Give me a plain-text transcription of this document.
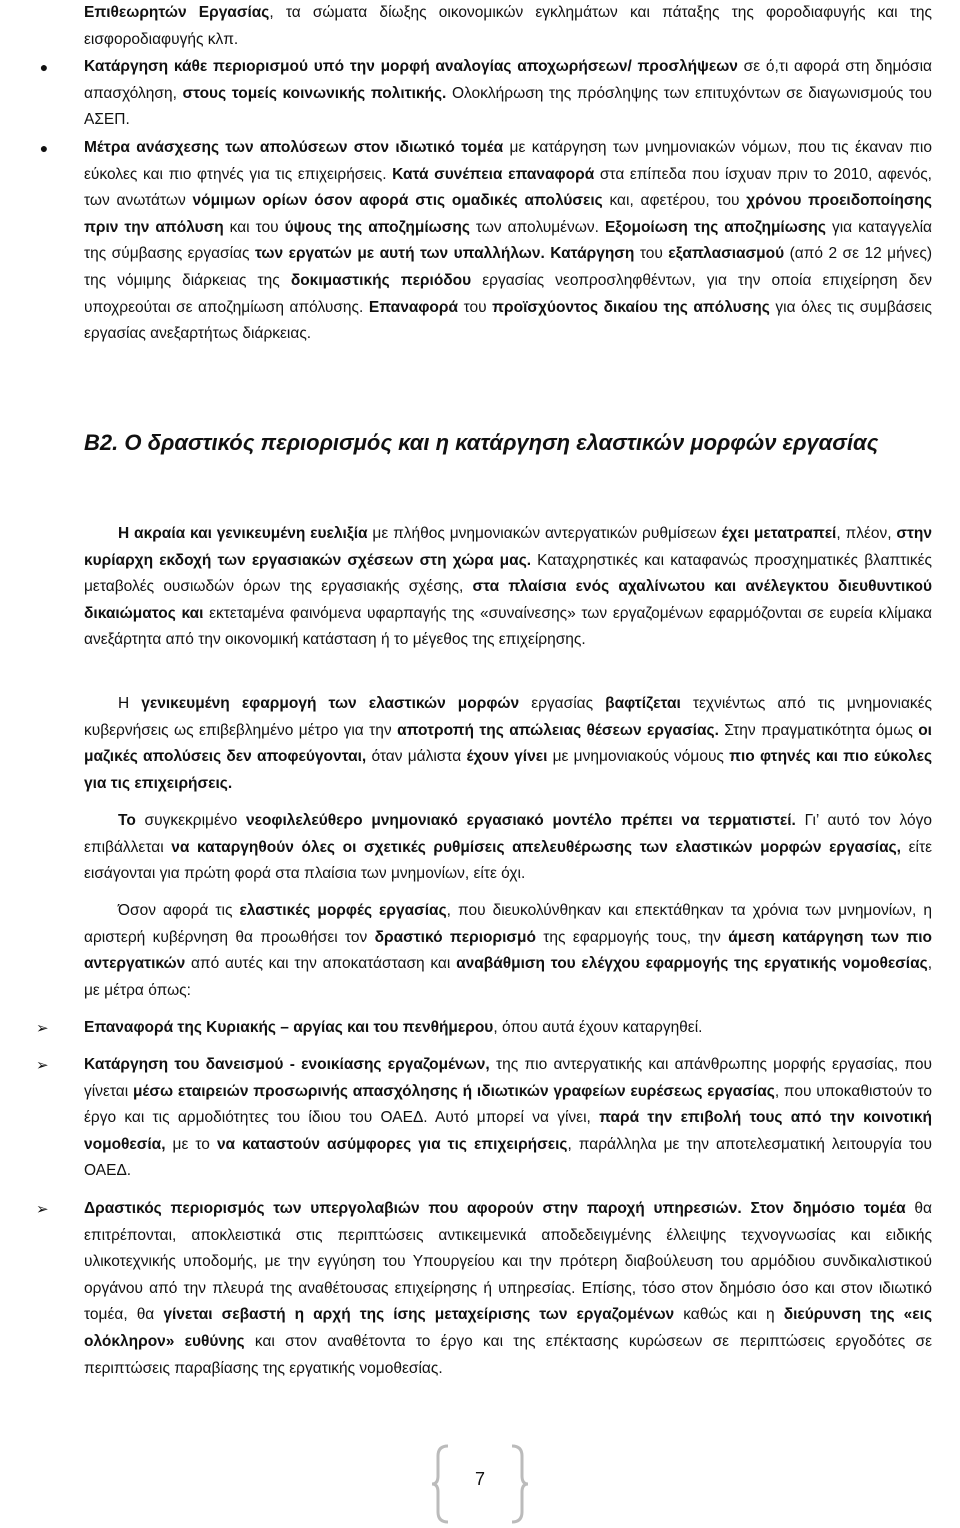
Επιθεωρητών Εργασίας, τα σώματα δίωξης οικονομικών εγκλημάτων και πάταξης της φοροδιαφυγής και της εισφοροδιαφυγής κλπ.
●	Κατάργηση κάθε περιορισμού υπό την μορφή αναλογίας αποχωρήσεων/ προσλήψεων σε ό,τι αφορά στη δημόσια απασχόληση, στους τομείς κοινωνικής πολιτικής. Ολοκλήρωση της πρόσληψης των επιτυχόντων σε διαγωνισμούς του ΑΣΕΠ.
●	Μέτρα ανάσχεσης των απολύσεων στον ιδιωτικό τομέα με κατάργηση των μνημονιακών νόμων, που τις έκαναν πιο εύκολες και πιο φτηνές για τις επιχειρήσεις. Κατά συνέπεια επαναφορά στα επίπεδα που ίσχυαν πριν το 2010, αφενός, των ανωτάτων νόμιμων ορίων όσον αφορά στις ομαδικές απολύσεις και, αφετέρου, του χρόνου προειδοποίησης πριν την απόλυση και του ύψους της αποζημίωσης των απολυμένων. Εξομοίωση της αποζημίωσης για καταγγελία της σύμβασης εργασίας των εργατών με αυτή των υπαλλήλων. Κατάργηση του εξαπλασιασμού (από 2 σε 12 μήνες) της νόμιμης διάρκειας της δοκιμαστικής περιόδου εργασίας νεοπροσληφθέντων, για την οποία επιχείρηση δεν υποχρεούται σε αποζημίωση απόλυσης. Επαναφορά του προϊσχύοντος δικαίου της απόλυσης για όλες τις συμβάσεις εργασίας ανεξαρτήτως διάρκειας.
Β2. Ο δραστικός περιορισμός και η κατάργηση ελαστικών μορφών εργασίας

Η ακραία και γενικευμένη ευελιξία με πλήθος μνημονιακών αντεργατικών ρυθμίσεων έχει μετατραπεί, πλέον, στην κυρίαρχη εκδοχή των εργασιακών σχέσεων στη χώρα μας. Καταχρηστικές και καταφανώς προσχηματικές βλαπτικές μεταβολές ουσιωδών όρων της εργασιακής σχέσης, στα πλαίσια ενός αχαλίνωτου και ανέλεγκτου διευθυντικού δικαιώματος και εκτεταμένα φαινόμενα υφαρπαγής της «συναίνεσης» των εργαζομένων εφαρμόζονται σε ευρεία κλίμακα ανεξάρτητα από την οικονομική κατάσταση ή το μέγεθος της επιχείρησης.

Η γενικευμένη εφαρμογή των ελαστικών μορφών εργασίας βαφτίζεται τεχνιέντως από τις μνημονιακές κυβερνήσεις ως επιβεβλημένο μέτρο για την αποτροπή της απώλειας θέσεων εργασίας. Στην πραγματικότητα όμως οι μαζικές απολύσεις δεν αποφεύγονται, όταν μάλιστα έχουν γίνει με μνημονιακούς νόμους πιο φτηνές και πιο εύκολες για τις επιχειρήσεις.

Το συγκεκριμένο νεοφιλελεύθερο μνημονιακό εργασιακό μοντέλο πρέπει να τερματιστεί. Γι’ αυτό τον λόγο επιβάλλεται να καταργηθούν όλες οι σχετικές ρυθμίσεις απελευθέρωσης των ελαστικών μορφών εργασίας, είτε εισάγονται για πρώτη φορά στα πλαίσια των μνημονίων, είτε όχι.

Όσον αφορά τις ελαστικές μορφές εργασίας, που διευκολύνθηκαν και επεκτάθηκαν τα χρόνια των μνημονίων, η αριστερή κυβέρνηση θα προωθήσει τον δραστικό περιορισμό της εφαρμογής τους, την άμεση κατάργηση των πιο αντεργατικών από αυτές και την αποκατάσταση και αναβάθμιση του ελέγχου εφαρμογής της εργατικής νομοθεσίας, με μέτρα όπως:

➢ Επαναφορά της Κυριακής – αργίας και του πενθήμερου, όπου αυτά έχουν καταργηθεί.
➢ Κατάργηση του δανεισμού - ενοικίασης εργαζομένων, της πιο αντεργατικής και απάνθρωπης μορφής εργασίας, που γίνεται μέσω εταιρειών προσωρινής απασχόλησης ή ιδιωτικών γραφείων ευρέσεως εργασίας, που υποκαθιστούν το έργο και τις αρμοδιότητες του ίδιου του ΟΑΕΔ. Αυτό μπορεί να γίνει, παρά την επιβολή τους από την κοινοτική νομοθεσία, με το να καταστούν ασύμφορες για τις επιχειρήσεις, παράλληλα με την αποτελεσματική λειτουργία του ΟΑΕΔ.
➢ Δραστικός περιορισμός των υπεργολαβιών που αφορούν στην παροχή υπηρεσιών. Στον δημόσιο τομέα θα επιτρέπονται, αποκλειστικά στις περιπτώσεις αντικειμενικά αποδεδειγμένης έλλειψης τεχνογνωσίας και ειδικής υλικοτεχνικής υποδομής, με την εγγύηση του Υπουργείου και την πρότερη διαβούλευση του αρμόδιου συνδικαλιστικού οργάνου από την πλευρά της αναθέτουσας επιχείρησης ή υπηρεσίας. Επίσης, τόσο στον δημόσιο όσο και στον ιδιωτικό τομέα, θα γίνεται σεβαστή η αρχή της ίσης μεταχείρισης των εργαζομένων καθώς και η διεύρυνση της «εις ολόκληρον» ευθύνης και στον αναθέτοντα το έργο και της επέκτασης κυρώσεων σε περιπτώσεις εργοδότες σε περιπτώσεις παραβίασης της εργατικής νομοθεσίας.
7
